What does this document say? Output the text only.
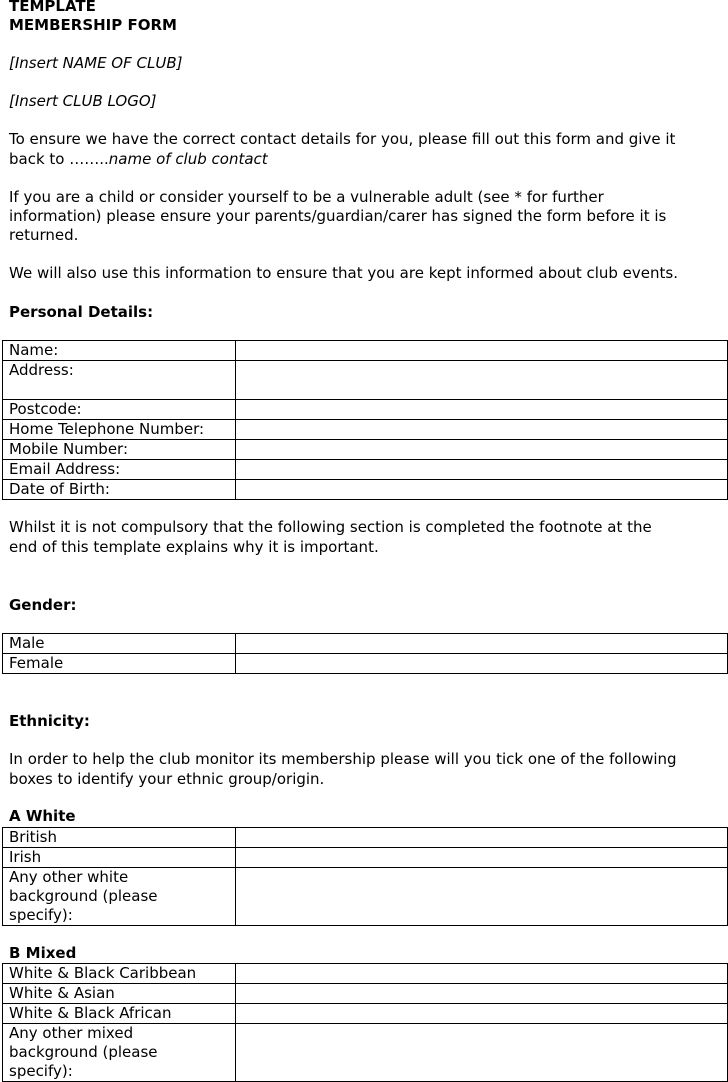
TEMPLATE
MEMBERSHIP FORM
[Insert NAME OF CLUB]
[Insert CLUB LOGO]
To ensure we have the correct contact details for you, please fill out this form and give it
back to ……..name of club contact
If you are a child or consider yourself to be a vulnerable adult (see * for further
information) please ensure your parents/guardian/carer has signed the form before it is
returned.
We will also use this information to ensure that you are kept informed about club events.
Personal Details:
Name:	
Address:	
Postcode:	
Home Telephone Number:	
Mobile Number:	
Email Address:	
Date of Birth:	
Whilst it is not compulsory that the following section is completed the footnote at the
end of this template explains why it is important.
Gender:
Male	
Female	
Ethnicity:
In order to help the club monitor its membership please will you tick one of the following
boxes to identify your ethnic group/origin.
A White
British	
Irish	

Any other white
background (please
specify):	

B Mixed
White & Black Caribbean	
White & Asian	
White & Black African	

Any other mixed
background (please
specify):	
